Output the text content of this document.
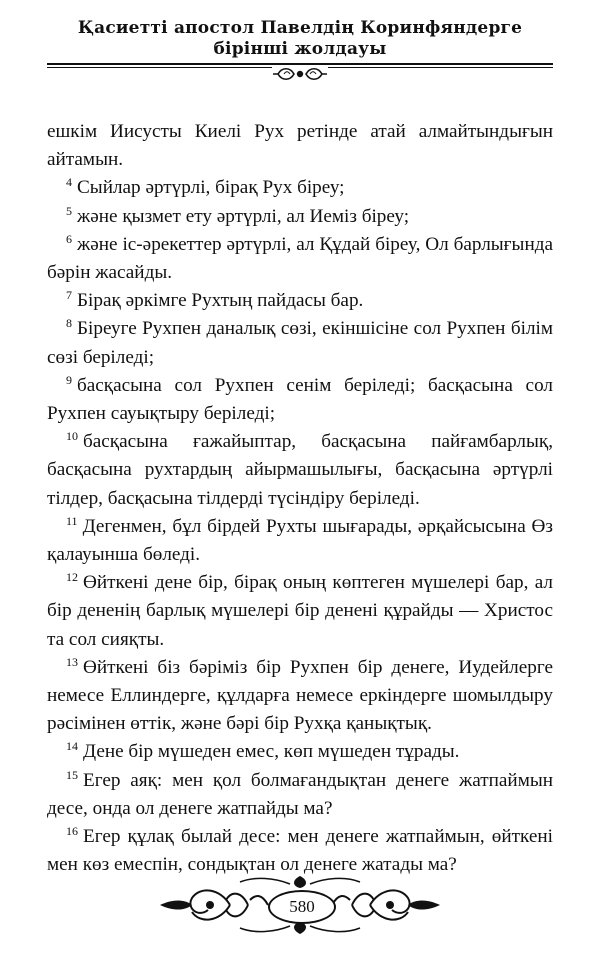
Қасиетті апостол Павелдің Коринфяндерге
бірінші жолдауы

ешкім Иисусты Киелі Рух ретінде атай алмайтындығын айтамын.

$^4$ Сыйлар әртүрлі, бірақ Рух біреу;

$^5$ және қызмет ету әртүрлі, ал Иеміз біреу;

$^6$ және іс-әрекеттер әртүрлі, ал Құдай біреу, Ол барлығында бәрін жасайды.

$^7$ Бірақ әркімге Рухтың пайдасы бар.

$^8$ Біреуге Рухпен даналық сөзі, екіншісіне сол Рухпен білім сөзі беріледі;

$^9$ басқасына сол Рухпен сенім беріледі; басқасына сол Рухпен сауықтыру беріледі;

$^{10}$ басқасына ғажайыптар, басқасына пайғамбарлық, басқасына рухтардың айырмашылығы, басқасына әртүрлі тілдер, басқасына тілдерді түсіндіру беріледі.

$^{11}$ Дегенмен, бұл бірдей Рухты шығарады, әрқайсысына Өз қалауынша бөледі.

$^{12}$ Өйткені дене бір, бірақ оның көптеген мүшелері бар, ал бір дененің барлық мүшелері бір денені құрайды — Христос та сол сияқты.

$^{13}$ Өйткені біз бәріміз бір Рухпен бір денеге, Иудейлерге немесе Еллиндерге, құлдарға немесе еркіндерге шомылдыру рәсімінен өттік, және бәрі бір Рухқа қанықтық.

$^{14}$ Дене бір мүшеден емес, көп мүшеден тұрады.

$^{15}$ Егер аяқ: мен қол болмағандықтан денеге жатпаймын десе, онда ол денеге жатпайды ма?

$^{16}$ Егер құлақ былай десе: мен денеге жатпаймын, өйткені мен көз емеспін, сондықтан ол денеге жатады ма?

580
